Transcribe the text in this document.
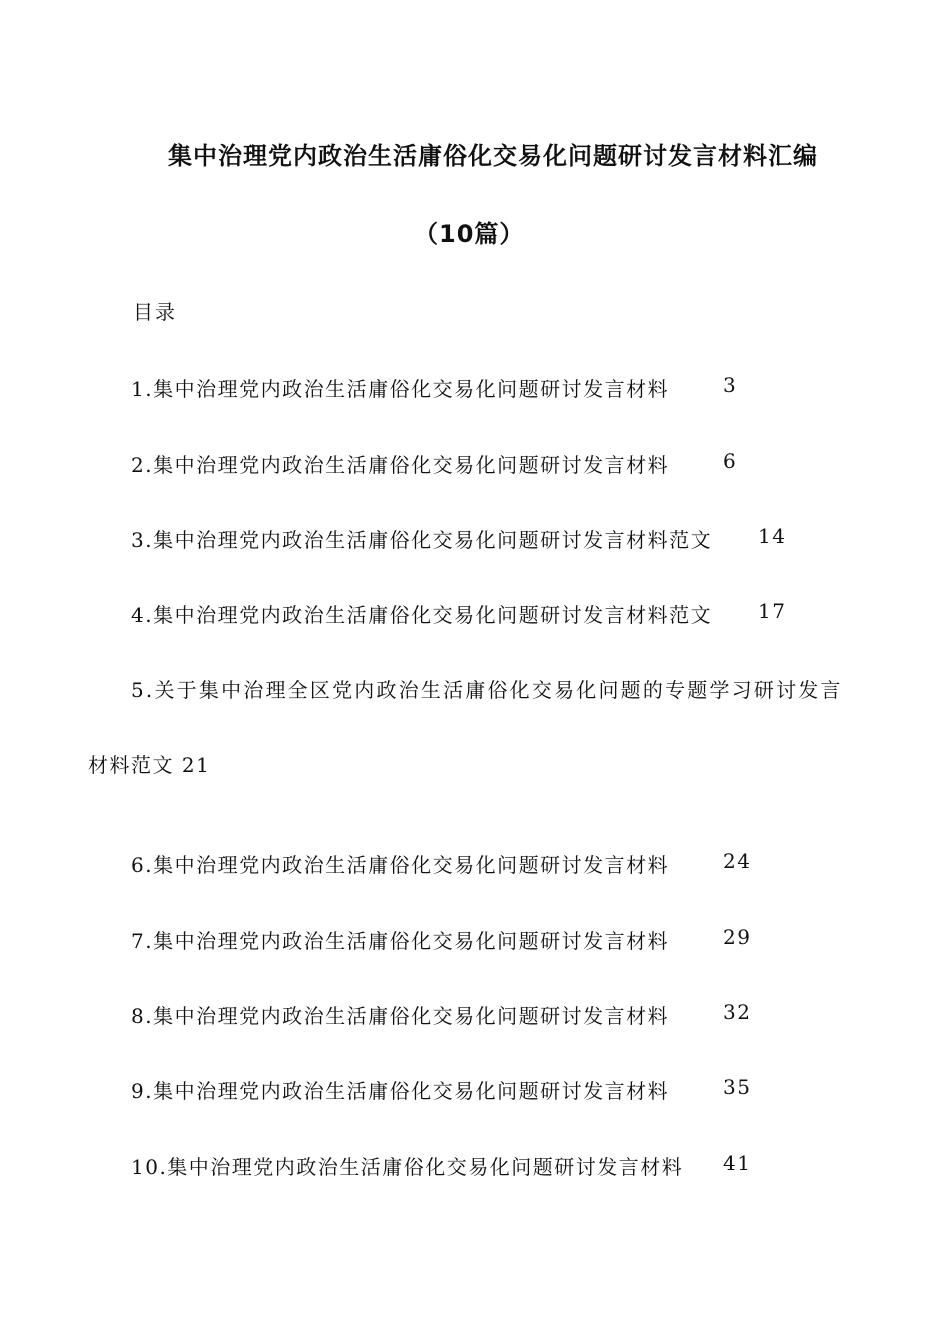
集中治理党内政治生活庸俗化交易化问题研讨发言材料汇编
（10篇）
目录
1.集中治理党内政治生活庸俗化交易化问题研讨发言材料	3
2.集中治理党内政治生活庸俗化交易化问题研讨发言材料	6
3.集中治理党内政治生活庸俗化交易化问题研讨发言材料范文 14
4.集中治理党内政治生活庸俗化交易化问题研讨发言材料范文 17
5.关于集中治理全区党内政治生活庸俗化交易化问题的专题学习研讨发言
材料范文 21
6.集中治理党内政治生活庸俗化交易化问题研讨发言材料	24
7.集中治理党内政治生活庸俗化交易化问题研讨发言材料	29
8.集中治理党内政治生活庸俗化交易化问题研讨发言材料	32
9.集中治理党内政治生活庸俗化交易化问题研讨发言材料	35
10.集中治理党内政治生活庸俗化交易化问题研讨发言材料 41
